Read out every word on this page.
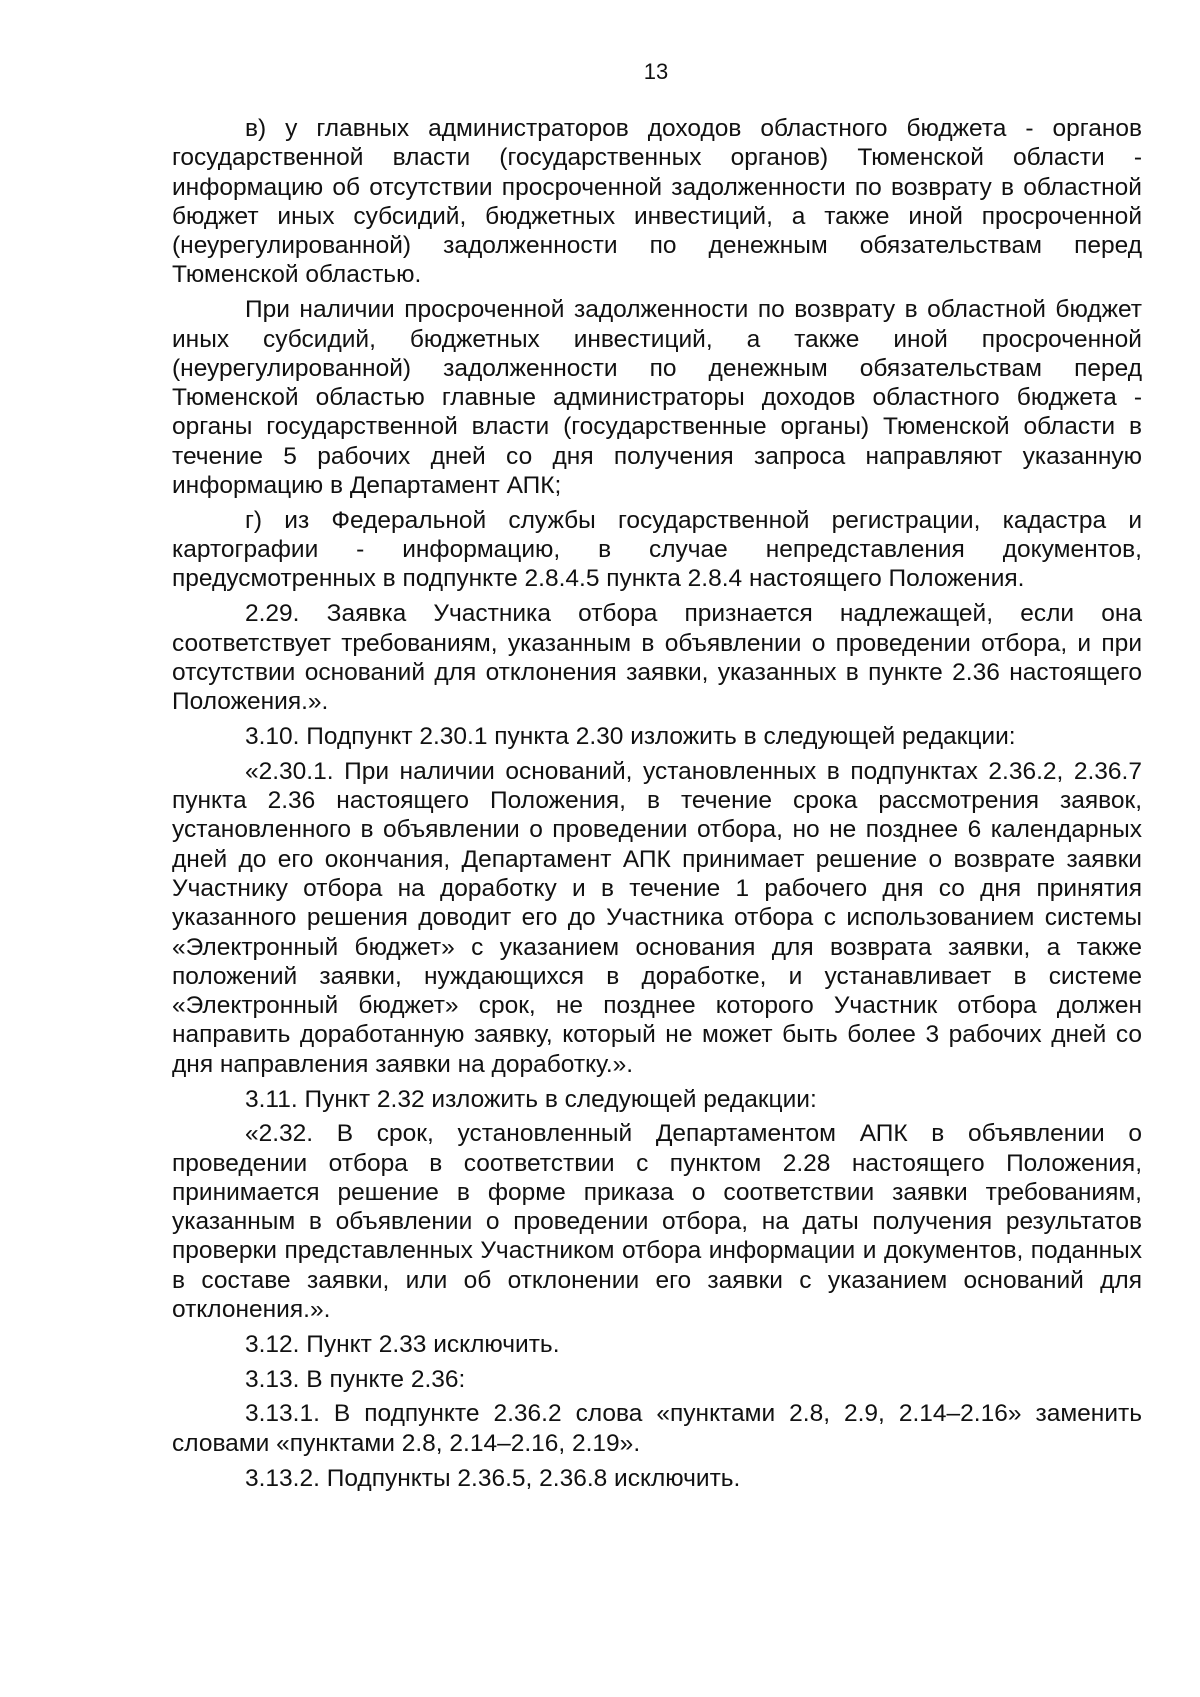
13

в) у главных администраторов доходов областного бюджета - органов государственной власти (государственных органов) Тюменской области - информацию об отсутствии просроченной задолженности по возврату в областной бюджет иных субсидий, бюджетных инвестиций, а также иной просроченной (неурегулированной) задолженности по денежным обязательствам перед Тюменской областью.

При наличии просроченной задолженности по возврату в областной бюджет иных субсидий, бюджетных инвестиций, а также иной просроченной (неурегулированной) задолженности по денежным обязательствам перед Тюменской областью главные администраторы доходов областного бюджета - органы государственной власти (государственные органы) Тюменской области в течение 5 рабочих дней со дня получения запроса направляют указанную информацию в Департамент АПК;

г) из Федеральной службы государственной регистрации, кадастра и картографии - информацию, в случае непредставления документов, предусмотренных в подпункте 2.8.4.5 пункта 2.8.4 настоящего Положения.

2.29. Заявка Участника отбора признается надлежащей, если она соответствует требованиям, указанным в объявлении о проведении отбора, и при отсутствии оснований для отклонения заявки, указанных в пункте 2.36 настоящего Положения.».

3.10. Подпункт 2.30.1 пункта 2.30 изложить в следующей редакции:

«2.30.1. При наличии оснований, установленных в подпунктах 2.36.2, 2.36.7 пункта 2.36 настоящего Положения, в течение срока рассмотрения заявок, установленного в объявлении о проведении отбора, но не позднее 6 календарных дней до его окончания, Департамент АПК принимает решение о возврате заявки Участнику отбора на доработку и в течение 1 рабочего дня со дня принятия указанного решения доводит его до Участника отбора с использованием системы «Электронный бюджет» с указанием основания для возврата заявки, а также положений заявки, нуждающихся в доработке, и устанавливает в системе «Электронный бюджет» срок, не позднее которого Участник отбора должен направить доработанную заявку, который не может быть более 3 рабочих дней со дня направления заявки на доработку.».

3.11. Пункт 2.32 изложить в следующей редакции:

«2.32. В срок, установленный Департаментом АПК в объявлении о проведении отбора в соответствии с пунктом 2.28 настоящего Положения, принимается решение в форме приказа о соответствии заявки требованиям, указанным в объявлении о проведении отбора, на даты получения результатов проверки представленных Участником отбора информации и документов, поданных в составе заявки, или об отклонении его заявки с указанием оснований для отклонения.».

3.12. Пункт 2.33 исключить.

3.13. В пункте 2.36:

3.13.1. В подпункте 2.36.2 слова «пунктами 2.8, 2.9, 2.14–2.16» заменить словами «пунктами 2.8, 2.14–2.16, 2.19».

3.13.2. Подпункты 2.36.5, 2.36.8 исключить.
